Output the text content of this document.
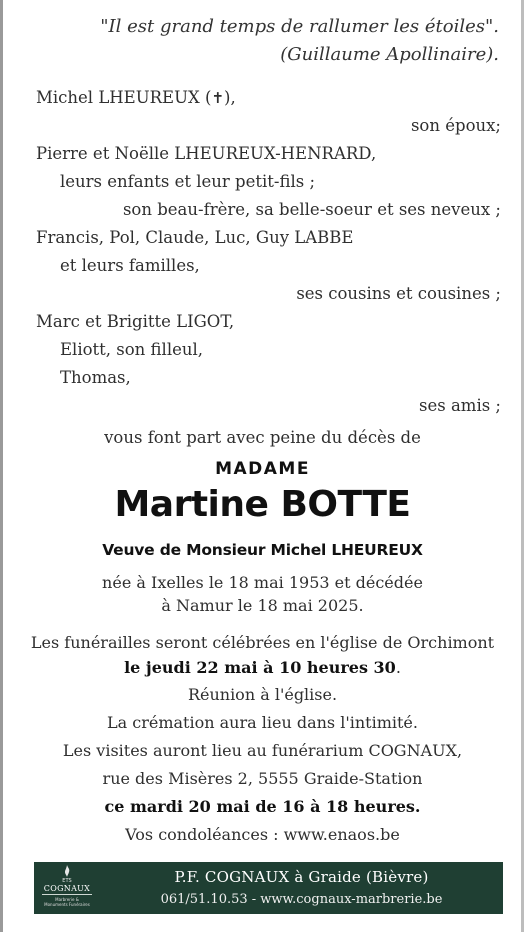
"Il est grand temps de rallumer les étoiles".
(Guillaume Apollinaire).
Michel LHEUREUX (✝),
son époux;
Pierre et Noëlle LHEUREUX-HENRARD,
leurs enfants et leur petit-fils ;
son beau-frère, sa belle-soeur et ses neveux ;
Francis, Pol, Claude, Luc, Guy LABBE
et leurs familles,
ses cousins et cousines ;
Marc et Brigitte LIGOT,
Eliott, son filleul,
Thomas,
ses amis ;
vous font part avec peine du décès de
MADAME
Martine BOTTE
Veuve de Monsieur Michel LHEUREUX
née à Ixelles le 18 mai 1953 et décédée
à Namur le 18 mai 2025.
Les funérailles seront célébrées en l'église de Orchimont
le jeudi 22 mai à 10 heures 30.
Réunion à l'église.
La crémation aura lieu dans l'intimité.
Les visites auront lieu au funérarium COGNAUX,
rue des Misères 2, 5555 Graide-Station
ce mardi 20 mai de 16 à 18 heures.
Vos condoléances : www.enaos.be
ETS
COGNAUX
Marbrerie &
Monuments Funéraires
P.F. COGNAUX à Graide (Bièvre)
061/51.10.53 - www.cognaux-marbrerie.be
